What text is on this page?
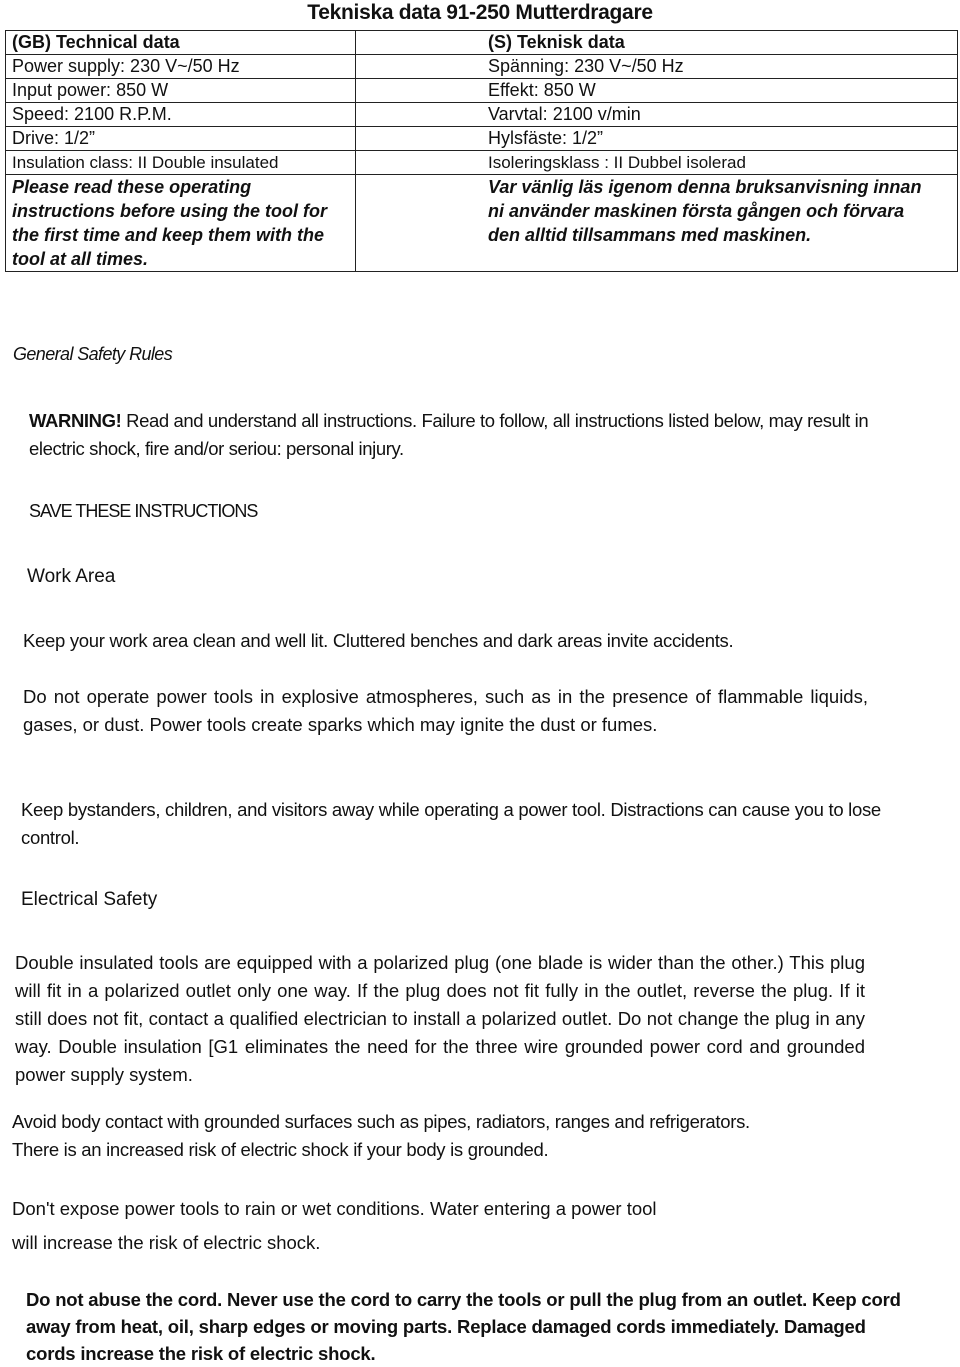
Tekniska data 91-250 Mutterdragare
(GB) Technical data	(S) Teknisk data
Power supply: 230 V~/50 Hz	Spänning: 230 V~/50 Hz
Input power: 850 W	Effekt: 850 W
Speed: 2100 R.P.M.	Varvtal: 2100 v/min
Drive: 1/2”	Hylsfäste: 1/2”
Insulation class: II Double insulated	Isoleringsklass : II Dubbel isolerad
Please read these operating instructions before using the tool for the first time and keep them with the tool at all times.	Var vänlig läs igenom denna bruksanvisning innan ni använder maskinen första gången och förvara den alltid tillsammans med maskinen.
General Safety Rules
WARNING! Read and understand all instructions. Failure to follow, all instructions listed below, may result in electric shock, fire and/or seriou: personal injury.
SAVE THESE INSTRUCTIONS
Work Area
Keep your work area clean and well lit. Cluttered benches and dark areas invite accidents.
Do not operate power tools in explosive atmospheres, such as in the presence of flammable liquids, gases, or dust. Power tools create sparks which may ignite the dust or fumes.
Keep bystanders, children, and visitors away while operating a power tool. Distractions can cause you to lose control.
Electrical Safety
Double insulated tools are equipped with a polarized plug (one blade is wider than the other.) This plug will fit in a polarized outlet only one way. If the plug does not fit fully in the outlet, reverse the plug. If it still does not fit, contact a qualified electrician to install a polarized outlet. Do not change the plug in any way. Double insulation [G1 eliminates the need for the three wire grounded power cord and grounded power supply system.
Avoid body contact with grounded surfaces such as pipes, radiators, ranges and refrigerators. There is an increased risk of electric shock if your body is grounded.
Don't expose power tools to rain or wet conditions. Water entering a power tool will increase the risk of electric shock.
Do not abuse the cord. Never use the cord to carry the tools or pull the plug from an outlet. Keep cord away from heat, oil, sharp edges or moving parts. Replace damaged cords immediately. Damaged cords increase the risk of electric shock.
